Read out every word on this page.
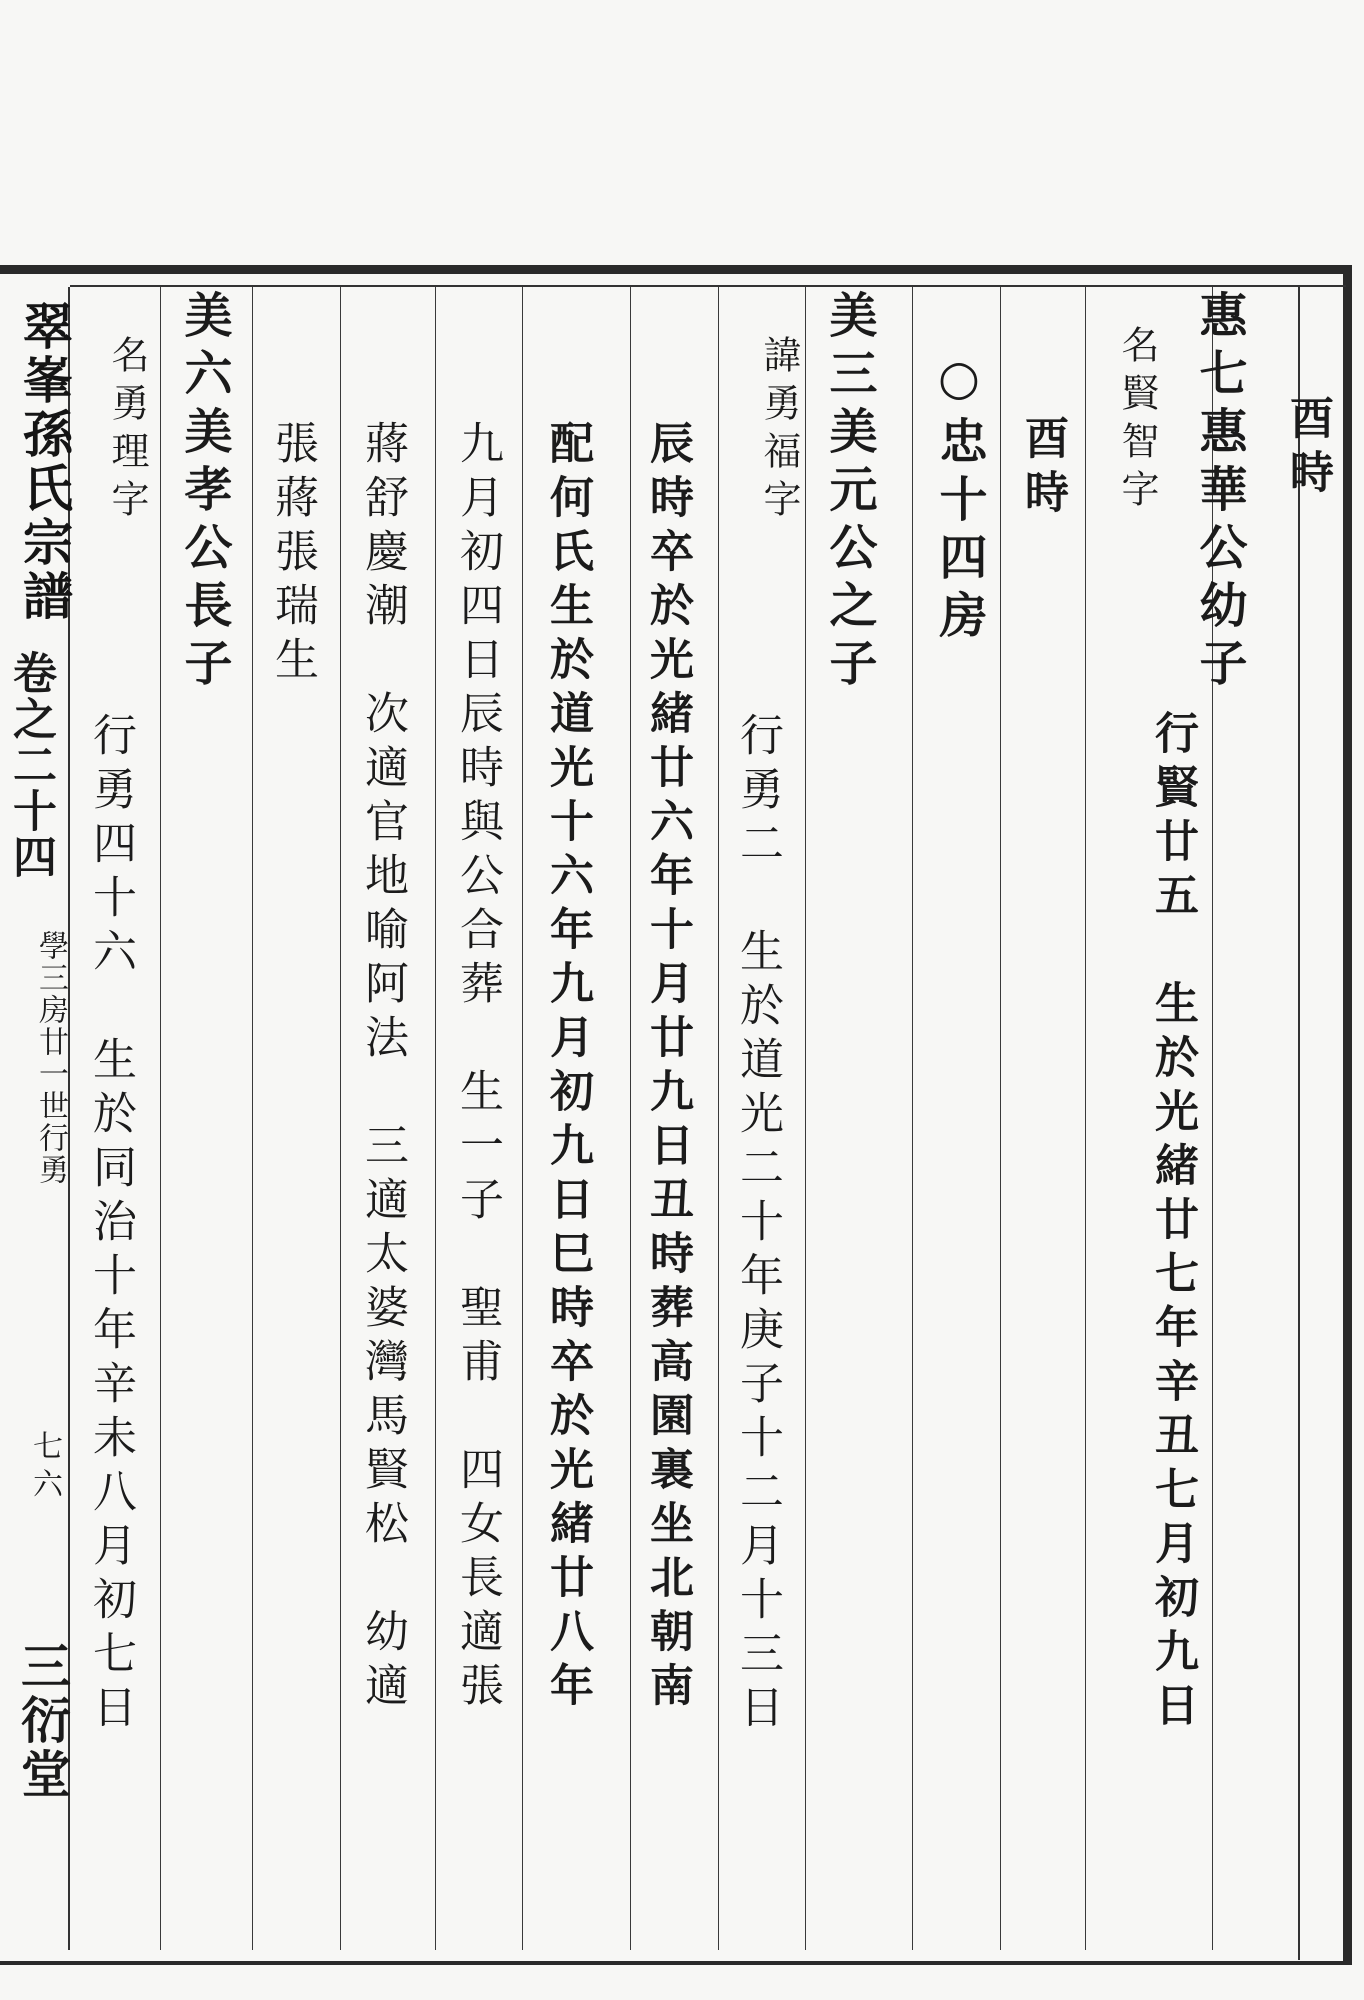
翠峯孫氏宗譜
卷之二十四
學三房廿一世行勇
七六
三衍堂
酉時
惠七惠華公幼子
行賢廿五　生於光緒廿七年辛丑七月初九日
名賢智字
酉時
○忠十四房
美三美元公之子
諱勇福字
行勇二　生於道光二十年庚子十二月十三日
辰時卒於光緒廿六年十月廿九日丑時葬高園裏坐北朝南
配何氏生於道光十六年九月初九日巳時卒於光緒廿八年
九月初四日辰時與公合葬　生一子　聖甫　四女長適張
蔣舒慶潮　次適官地喻阿法　三適太婆灣馬賢松　幼適
張蔣張瑞生
美六美孝公長子
名勇理字
行勇四十六　生於同治十年辛未八月初七日
